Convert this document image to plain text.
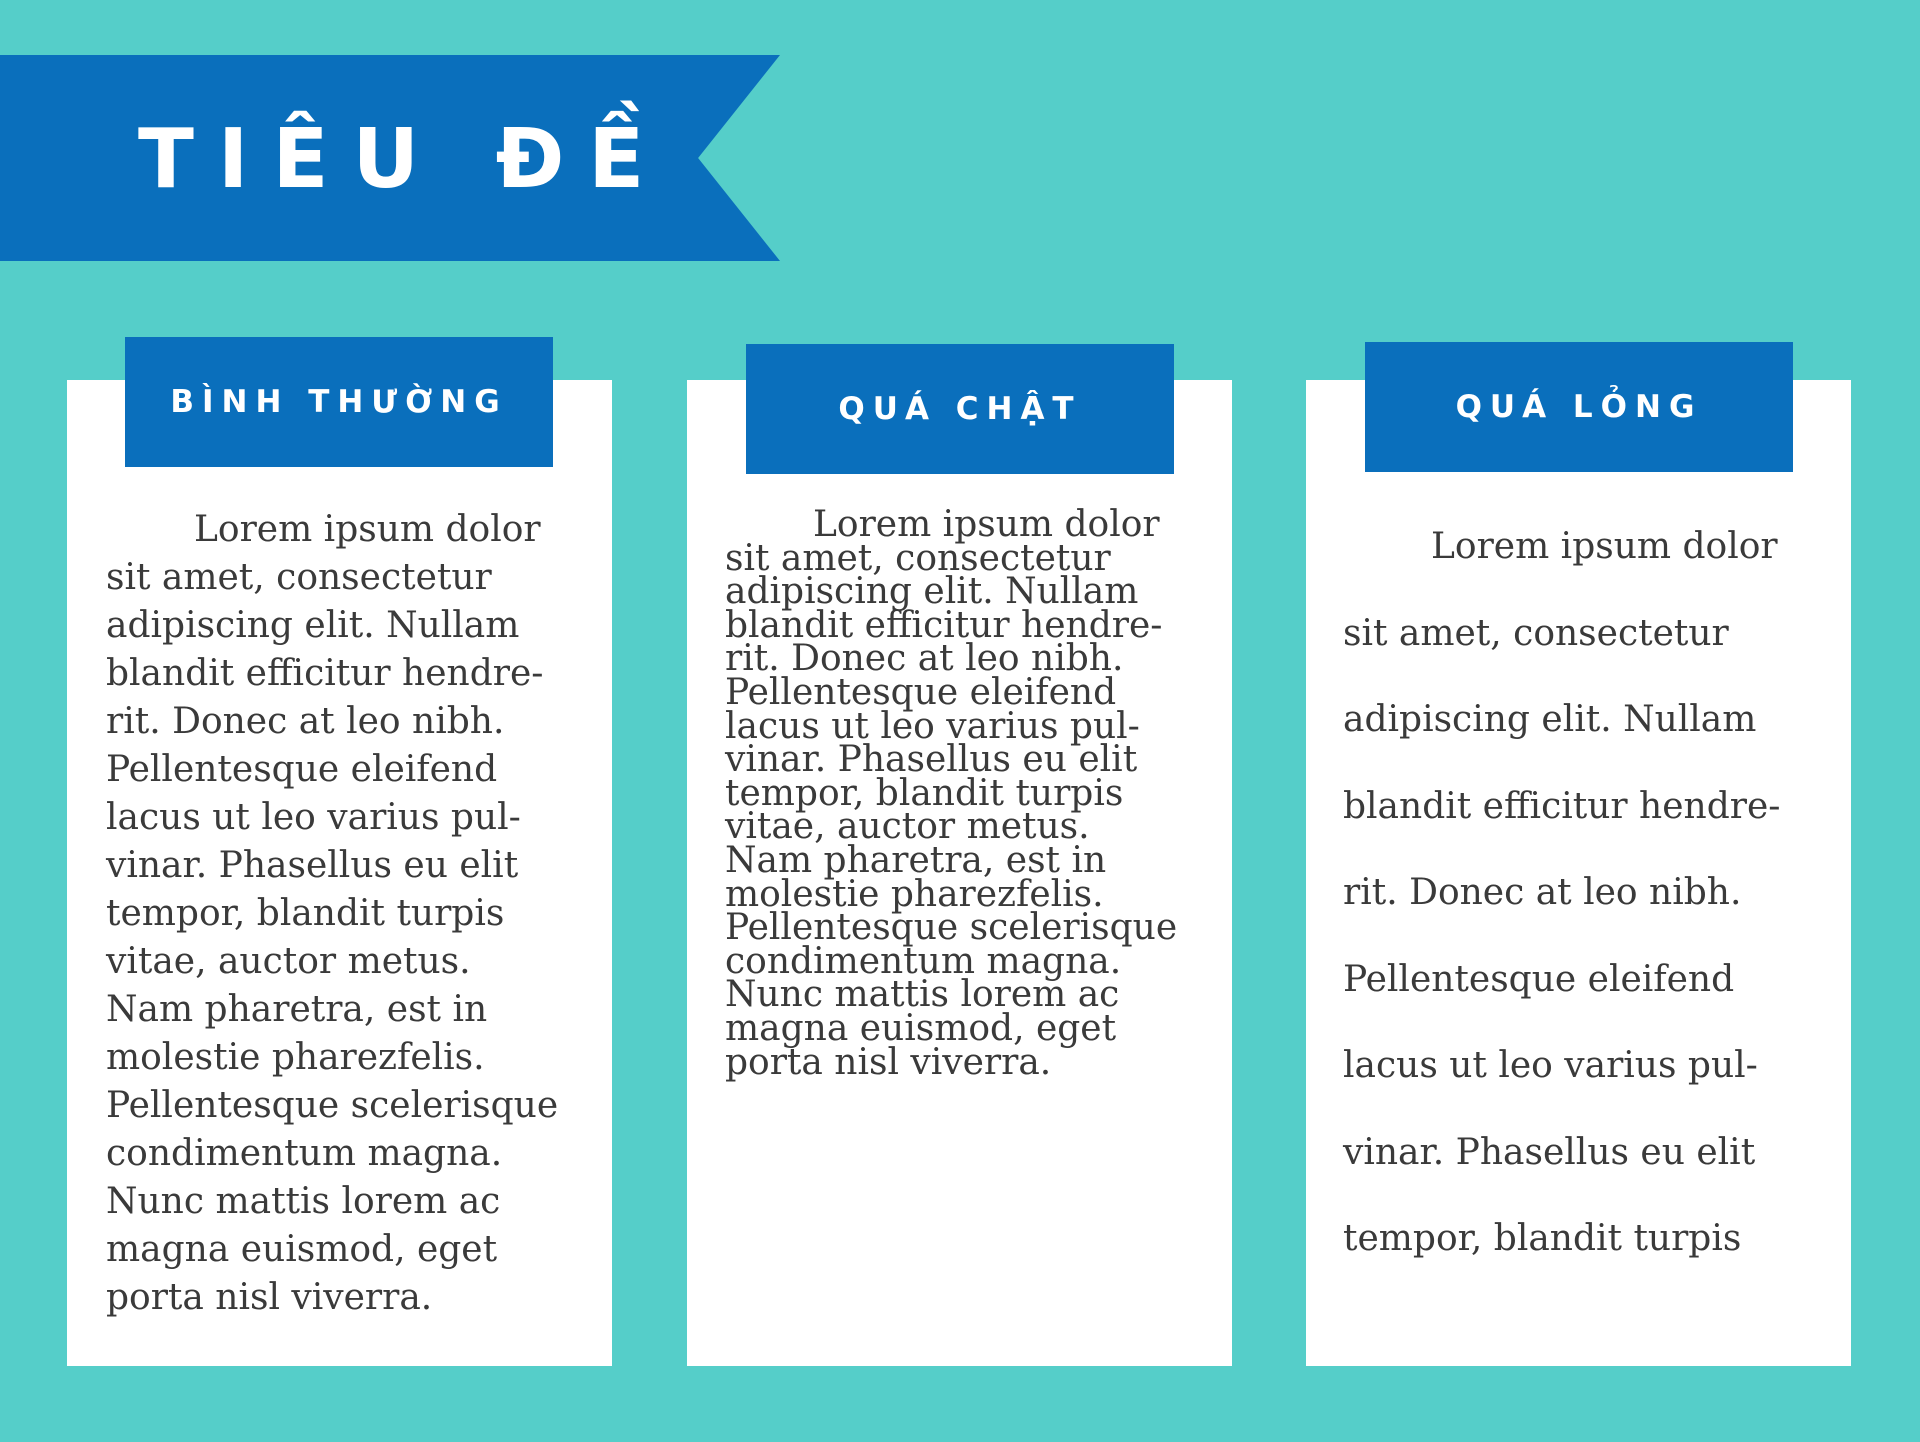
TIÊU ĐỀ
BÌNH THƯỜNG	QUÁ CHẬT	QUÁ LỎNG

Lorem ipsum dolor
sit amet, consectetur
adipiscing elit. Nullam
blandit efficitur hendre-
rit. Donec at leo nibh.
Pellentesque eleifend
lacus ut leo varius pul-
vinar. Phasellus eu elit
tempor, blandit turpis
vitae, auctor metus.
Nam pharetra, est in
molestie pharezfelis.
Pellentesque scelerisque
condimentum magna.
Nunc mattis lorem ac
magna euismod, eget
porta nisl viverra.

Lorem ipsum dolor
sit amet, consectetur
adipiscing elit. Nullam
blandit efficitur hendre-
rit. Donec at leo nibh.
Pellentesque eleifend
lacus ut leo varius pul-
vinar. Phasellus eu elit
tempor, blandit turpis
vitae, auctor metus.
Nam pharetra, est in
molestie pharezfelis.
Pellentesque scelerisque
condimentum magna.
Nunc mattis lorem ac
magna euismod, eget
porta nisl viverra.

Lorem ipsum dolor
sit amet, consectetur
adipiscing elit. Nullam
blandit efficitur hendre-
rit. Donec at leo nibh.
Pellentesque eleifend
lacus ut leo varius pul-
vinar. Phasellus eu elit
tempor, blandit turpis
